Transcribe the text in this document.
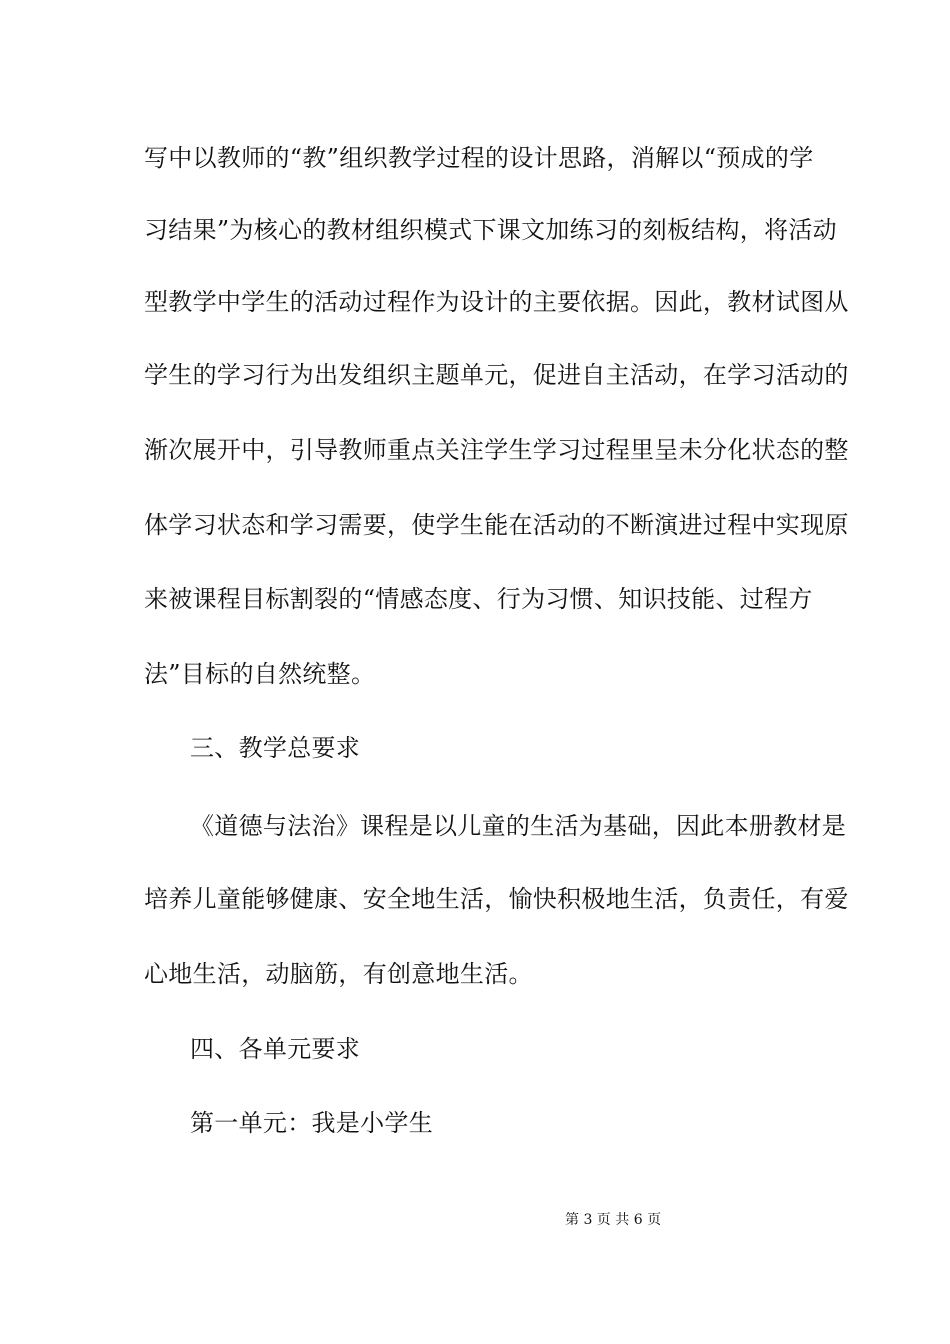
写中以教师的“教”组织教学过程的设计思路，消解以“预成的学
习结果”为核心的教材组织模式下课文加练习的刻板结构，将活动
型教学中学生的活动过程作为设计的主要依据。因此，教材试图从
学生的学习行为出发组织主题单元，促进自主活动，在学习活动的
渐次展开中，引导教师重点关注学生学习过程里呈未分化状态的整
体学习状态和学习需要，使学生能在活动的不断演进过程中实现原
来被课程目标割裂的“情感态度、行为习惯、知识技能、过程方
法”目标的自然统整。
三、教学总要求
《道德与法治》课程是以儿童的生活为基础，因此本册教材是
培养儿童能够健康、安全地生活，愉快积极地生活，负责任，有爱
心地生活，动脑筋，有创意地生活。
四、各单元要求
第一单元：我是小学生
第 3 页 共 6 页
